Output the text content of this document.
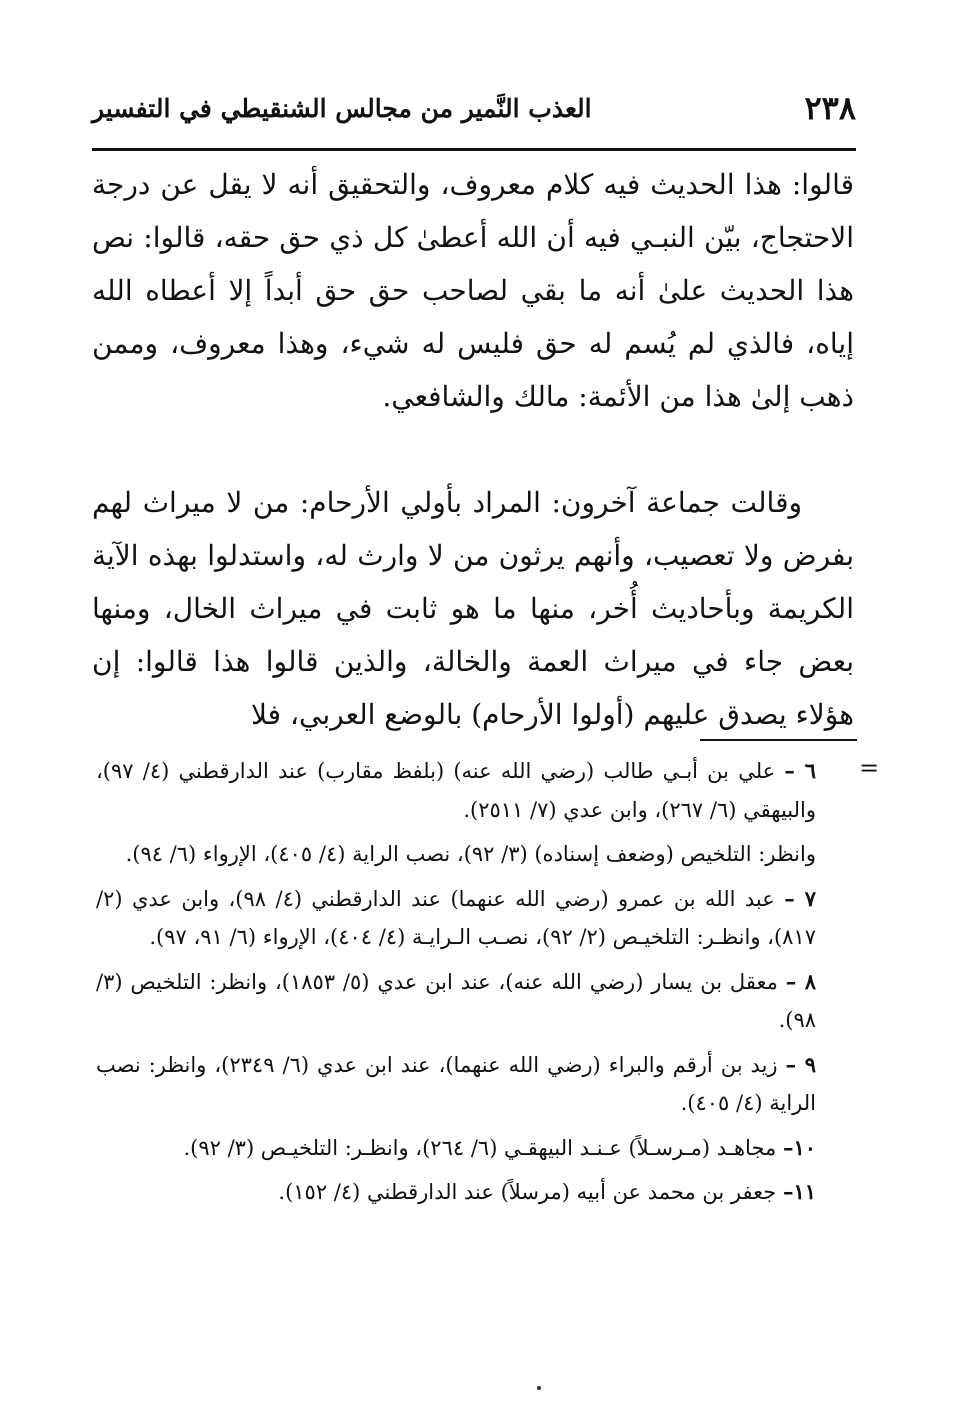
٢٣٨
العذب النَّمير من مجالس الشنقيطي في التفسير

قالوا: هذا الحديث فيه كلام معروف، والتحقيق أنه لا يقل عن درجة الاحتجاج، بيّن النبـي فيه أن الله أعطىٰ كل ذي حق حقه، قالوا: نص هذا الحديث علىٰ أنه ما بقي لصاحب حق حق أبداً إلا أعطاه الله إياه، فالذي لم يُسم له حق فليس له شيء، وهذا معروف، وممن ذهب إلىٰ هذا من الأئمة: مالك والشافعي.

وقالت جماعة آخرون: المراد بأولي الأرحام: من لا ميراث لهم بفرض ولا تعصيب، وأنهم يرثون من لا وارث له، واستدلوا بهذه الآية الكريمة وبأحاديث أُخر، منها ما هو ثابت في ميراث الخال، ومنها بعض جاء في ميراث العمة والخالة، والذين قالوا هذا قالوا: إن هؤلاء يصدق عليهم (أولوا الأرحام) بالوضع العربي، فلا

=

٦ – علي بن أبـي طالب (رضي الله عنه) (بلفظ مقارب) عند الدارقطني (٤/ ٩٧)، والبيهقي (٦/ ٢٦٧)، وابن عدي (٧/ ٢٥١١).

وانظر: التلخيص (وضعف إسناده) (٣/ ٩٢)، نصب الراية (٤/ ٤٠٥)، الإرواء (٦/ ٩٤).

٧ – عبد الله بن عمرو (رضي الله عنهما) عند الدارقطني (٤/ ٩٨)، وابن عدي (٢/ ٨١٧)، وانظـر: التلخيـص (٢/ ٩٢)، نصـب الـرايـة (٤/ ٤٠٤)، الإرواء (٦/ ٩١، ٩٧).

٨ – معقل بن يسار (رضي الله عنه)، عند ابن عدي (٥/ ١٨٥٣)، وانظر: التلخيص (٣/ ٩٨).

٩ – زيد بن أرقم والبراء (رضي الله عنهما)، عند ابن عدي (٦/ ٢٣٤٩)، وانظر: نصب الراية (٤/ ٤٠٥).

١٠– مجاهـد (مـرسـلاً) عـنـد البيهقـي (٦/ ٢٦٤)، وانظـر: التلخيـص (٣/ ٩٢).

١١– جعفر بن محمد عن أبيه (مرسلاً) عند الدارقطني (٤/ ١٥٢).
